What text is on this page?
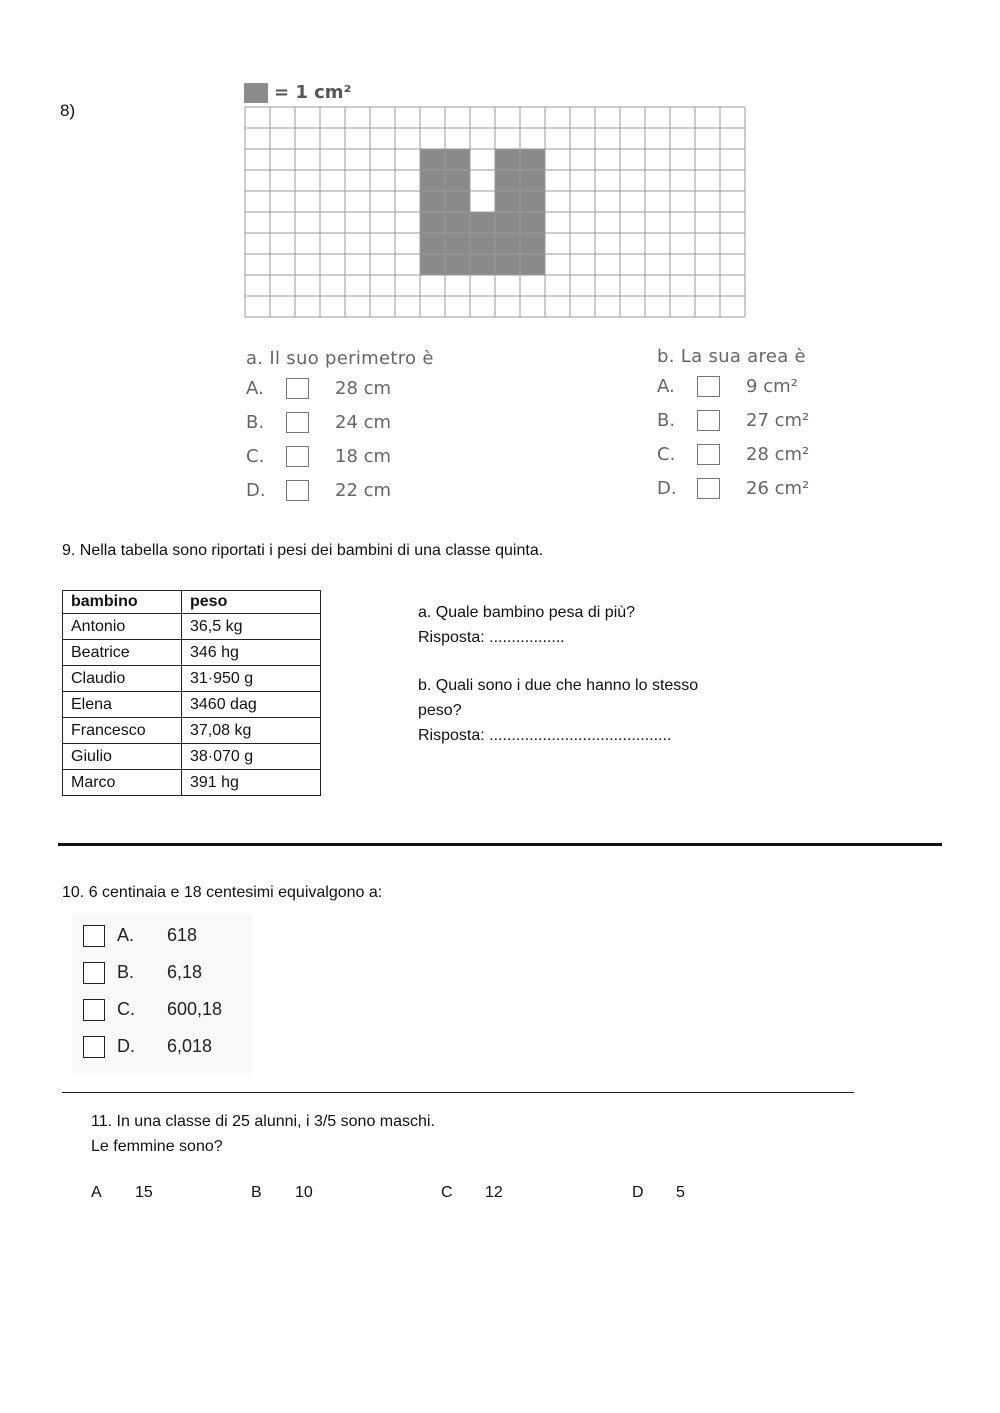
8)
= 1 cm²
a. Il suo perimetro è
A.	28 cm
B.	24 cm
C.	18 cm
D.	22 cm
b. La sua area è
A.	9 cm²
B.	27 cm²
C.	28 cm²
D.	26 cm²
9. Nella tabella sono riportati i pesi dei bambini di una classe quinta.
bambino	peso
Antonio	36,5 kg
Beatrice	346 hg
Claudio	31·950 g
Elena	3460 dag
Francesco	37,08 kg
Giulio	38·070 g
Marco	391 hg

a. Quale bambino pesa di più?

Risposta: .................

b. Quali sono i due che hanno lo stesso

peso?

Risposta: .........................................

10. 6 centinaia e 18 centesimi equivalgono a:
A.	618
B.	6,18
C.	600,18
D.	6,018

11. In una classe di 25 alunni, i 3/5 sono maschi.

Le femmine sono?

A 15	B 10	C 12	D 5
